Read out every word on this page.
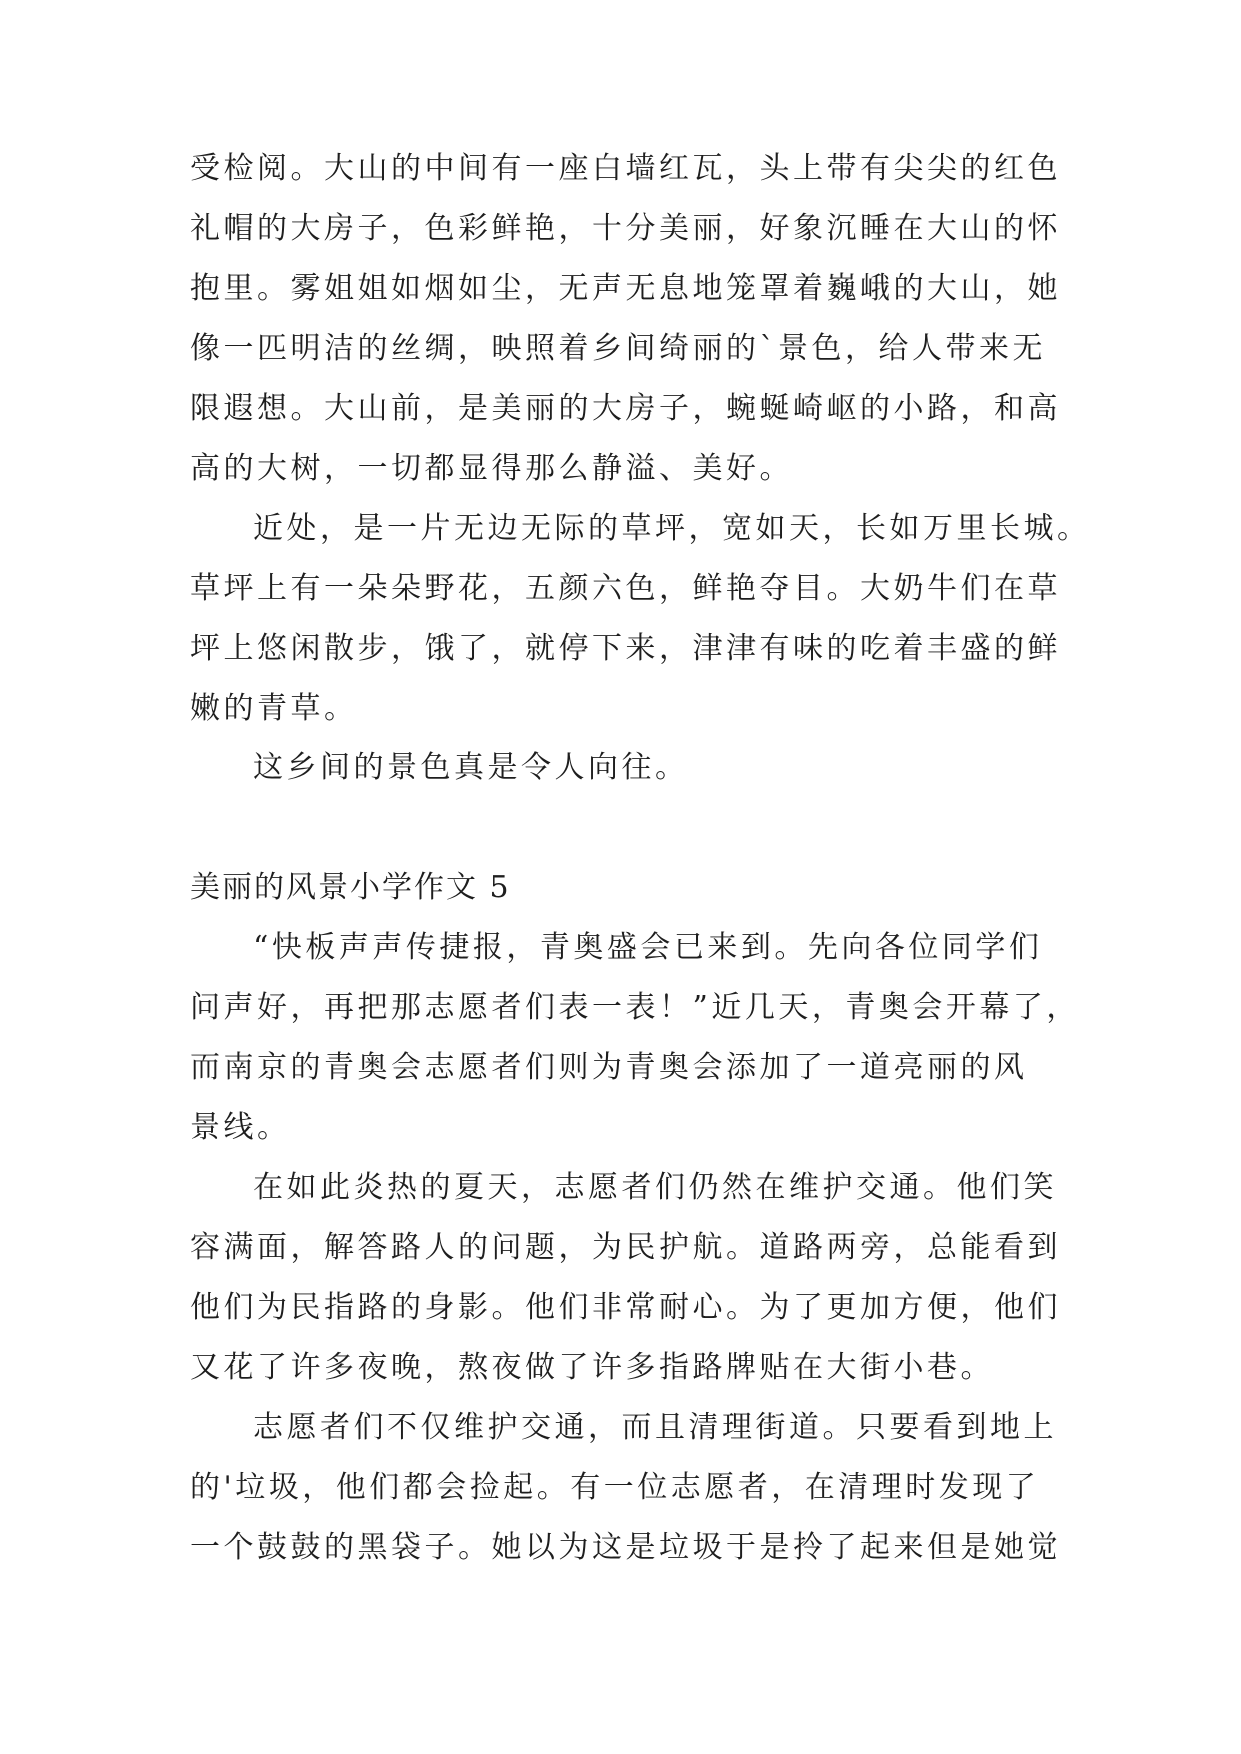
受检阅。大山的中间有一座白墙红瓦，头上带有尖尖的红色

礼帽的大房子，色彩鲜艳，十分美丽，好象沉睡在大山的怀

抱里。雾姐姐如烟如尘，无声无息地笼罩着巍峨的大山，她

像一匹明洁的丝绸，映照着乡间绮丽的`景色，给人带来无

限遐想。大山前，是美丽的大房子，蜿蜒崎岖的小路，和高

高的大树，一切都显得那么静溢、美好。

近处，是一片无边无际的草坪，宽如天，长如万里长城。

草坪上有一朵朵野花，五颜六色，鲜艳夺目。大奶牛们在草

坪上悠闲散步，饿了，就停下来，津津有味的吃着丰盛的鲜

嫩的青草。

这乡间的景色真是令人向往。

美丽的风景小学作文 5

“快板声声传捷报，青奥盛会已来到。先向各位同学们

问声好，再把那志愿者们表一表！”近几天，青奥会开幕了，

而南京的青奥会志愿者们则为青奥会添加了一道亮丽的风

景线。

在如此炎热的夏天，志愿者们仍然在维护交通。他们笑

容满面，解答路人的问题，为民护航。道路两旁，总能看到

他们为民指路的身影。他们非常耐心。为了更加方便，他们

又花了许多夜晚，熬夜做了许多指路牌贴在大街小巷。

志愿者们不仅维护交通，而且清理街道。只要看到地上

的'垃圾，他们都会捡起。有一位志愿者，在清理时发现了

一个鼓鼓的黑袋子。她以为这是垃圾于是拎了起来但是她觉
